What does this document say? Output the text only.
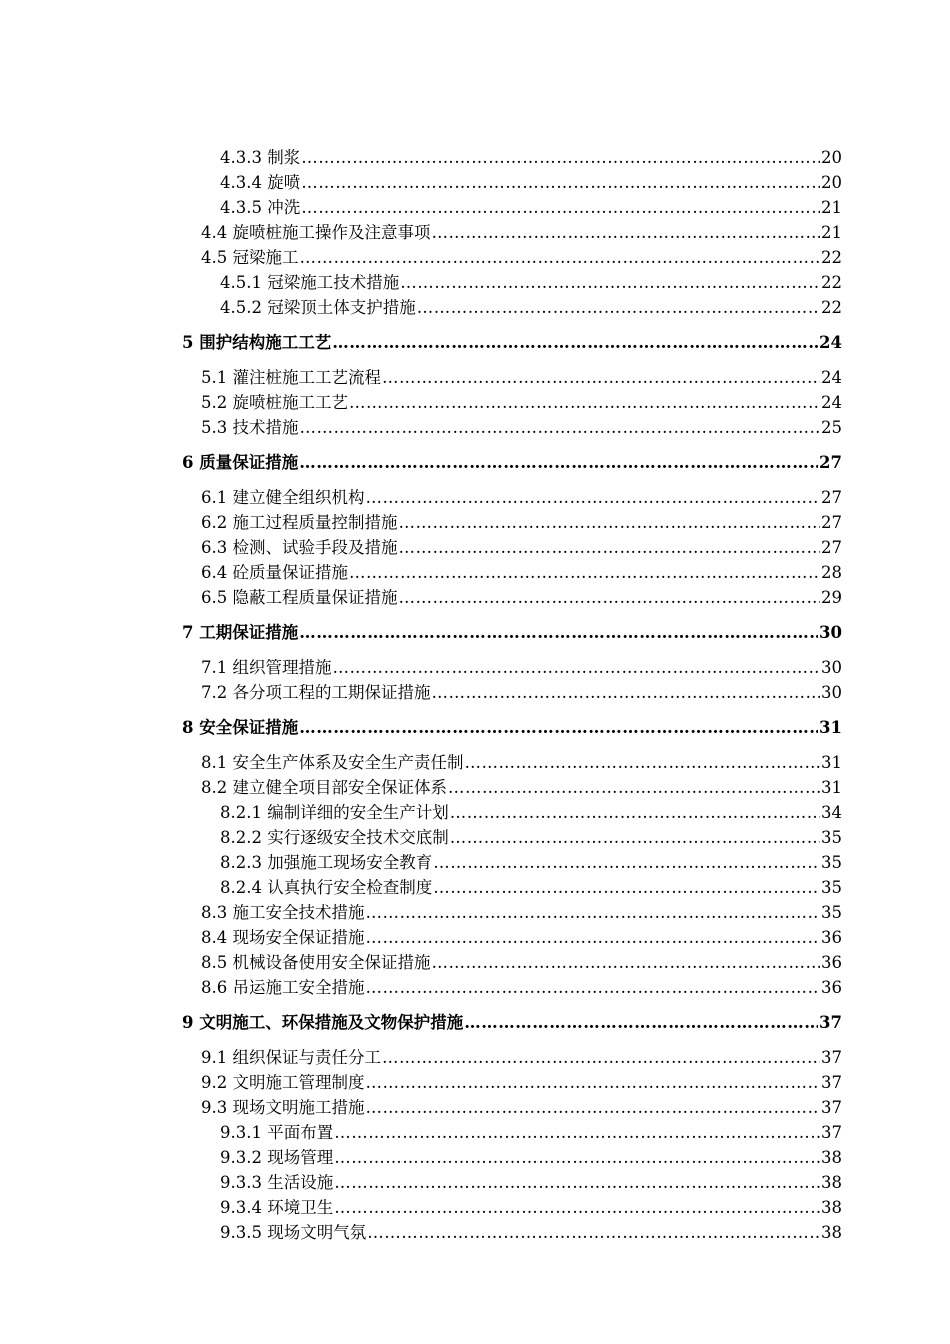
4.3.3 制浆 ……………………………………………………………………………………………………………………………………………………………………………………………………………………………………………………………………	20
4.3.4 旋喷 ……………………………………………………………………………………………………………………………………………………………………………………………………………………………………………………………………	20
4.3.5 冲洗 ……………………………………………………………………………………………………………………………………………………………………………………………………………………………………………………………………	21
4.4 旋喷桩施工操作及注意事项 ……………………………………………………………………………………………………………………………………………………………………………………………………………………………………………………………………	21
4.5 冠梁施工 ……………………………………………………………………………………………………………………………………………………………………………………………………………………………………………………………………	22
4.5.1 冠梁施工技术措施 ……………………………………………………………………………………………………………………………………………………………………………………………………………………………………………………………………	22
4.5.2 冠梁顶土体支护措施 ……………………………………………………………………………………………………………………………………………………………………………………………………………………………………………………………………	22
5 围护结构施工工艺 ……………………………………………………………………………………………………………………………………………………………………………………………………………………………………………………………………	24
5.1 灌注桩施工工艺流程 ……………………………………………………………………………………………………………………………………………………………………………………………………………………………………………………………………	24
5.2 旋喷桩施工工艺 ……………………………………………………………………………………………………………………………………………………………………………………………………………………………………………………………………	24
5.3 技术措施 ……………………………………………………………………………………………………………………………………………………………………………………………………………………………………………………………………	25
6 质量保证措施 ……………………………………………………………………………………………………………………………………………………………………………………………………………………………………………………………………	27
6.1 建立健全组织机构 ……………………………………………………………………………………………………………………………………………………………………………………………………………………………………………………………………	27
6.2 施工过程质量控制措施 ……………………………………………………………………………………………………………………………………………………………………………………………………………………………………………………………………	27
6.3 检测、试验手段及措施 ……………………………………………………………………………………………………………………………………………………………………………………………………………………………………………………………………	27
6.4 砼质量保证措施 ……………………………………………………………………………………………………………………………………………………………………………………………………………………………………………………………………	28
6.5 隐蔽工程质量保证措施 ……………………………………………………………………………………………………………………………………………………………………………………………………………………………………………………………………	29
7 工期保证措施 ……………………………………………………………………………………………………………………………………………………………………………………………………………………………………………………………………	30
7.1 组织管理措施 ……………………………………………………………………………………………………………………………………………………………………………………………………………………………………………………………………	30
7.2 各分项工程的工期保证措施 ……………………………………………………………………………………………………………………………………………………………………………………………………………………………………………………………………	30
8 安全保证措施 ……………………………………………………………………………………………………………………………………………………………………………………………………………………………………………………………………	31
8.1 安全生产体系及安全生产责任制 ……………………………………………………………………………………………………………………………………………………………………………………………………………………………………………………………………	31
8.2 建立健全项目部安全保证体系 ……………………………………………………………………………………………………………………………………………………………………………………………………………………………………………………………………	31
8.2.1 编制详细的安全生产计划 ……………………………………………………………………………………………………………………………………………………………………………………………………………………………………………………………………	34
8.2.2 实行逐级安全技术交底制 ……………………………………………………………………………………………………………………………………………………………………………………………………………………………………………………………………	35
8.2.3 加强施工现场安全教育 ……………………………………………………………………………………………………………………………………………………………………………………………………………………………………………………………………	35
8.2.4 认真执行安全检查制度 ……………………………………………………………………………………………………………………………………………………………………………………………………………………………………………………………………	35
8.3 施工安全技术措施 ……………………………………………………………………………………………………………………………………………………………………………………………………………………………………………………………………	35
8.4 现场安全保证措施 ……………………………………………………………………………………………………………………………………………………………………………………………………………………………………………………………………	36
8.5 机械设备使用安全保证措施 ……………………………………………………………………………………………………………………………………………………………………………………………………………………………………………………………………	36
8.6 吊运施工安全措施 ……………………………………………………………………………………………………………………………………………………………………………………………………………………………………………………………………	36
9 文明施工、环保措施及文物保护措施 ……………………………………………………………………………………………………………………………………………………………………………………………………………………………………………………………………	37
9.1 组织保证与责任分工 ……………………………………………………………………………………………………………………………………………………………………………………………………………………………………………………………………	37
9.2 文明施工管理制度 ……………………………………………………………………………………………………………………………………………………………………………………………………………………………………………………………………	37
9.3 现场文明施工措施 ……………………………………………………………………………………………………………………………………………………………………………………………………………………………………………………………………	37
9.3.1 平面布置 ……………………………………………………………………………………………………………………………………………………………………………………………………………………………………………………………………	37
9.3.2 现场管理 ……………………………………………………………………………………………………………………………………………………………………………………………………………………………………………………………………	38
9.3.3 生活设施 ……………………………………………………………………………………………………………………………………………………………………………………………………………………………………………………………………	38
9.3.4 环境卫生 ……………………………………………………………………………………………………………………………………………………………………………………………………………………………………………………………………	38
9.3.5 现场文明气氛 ……………………………………………………………………………………………………………………………………………………………………………………………………………………………………………………………………	38
